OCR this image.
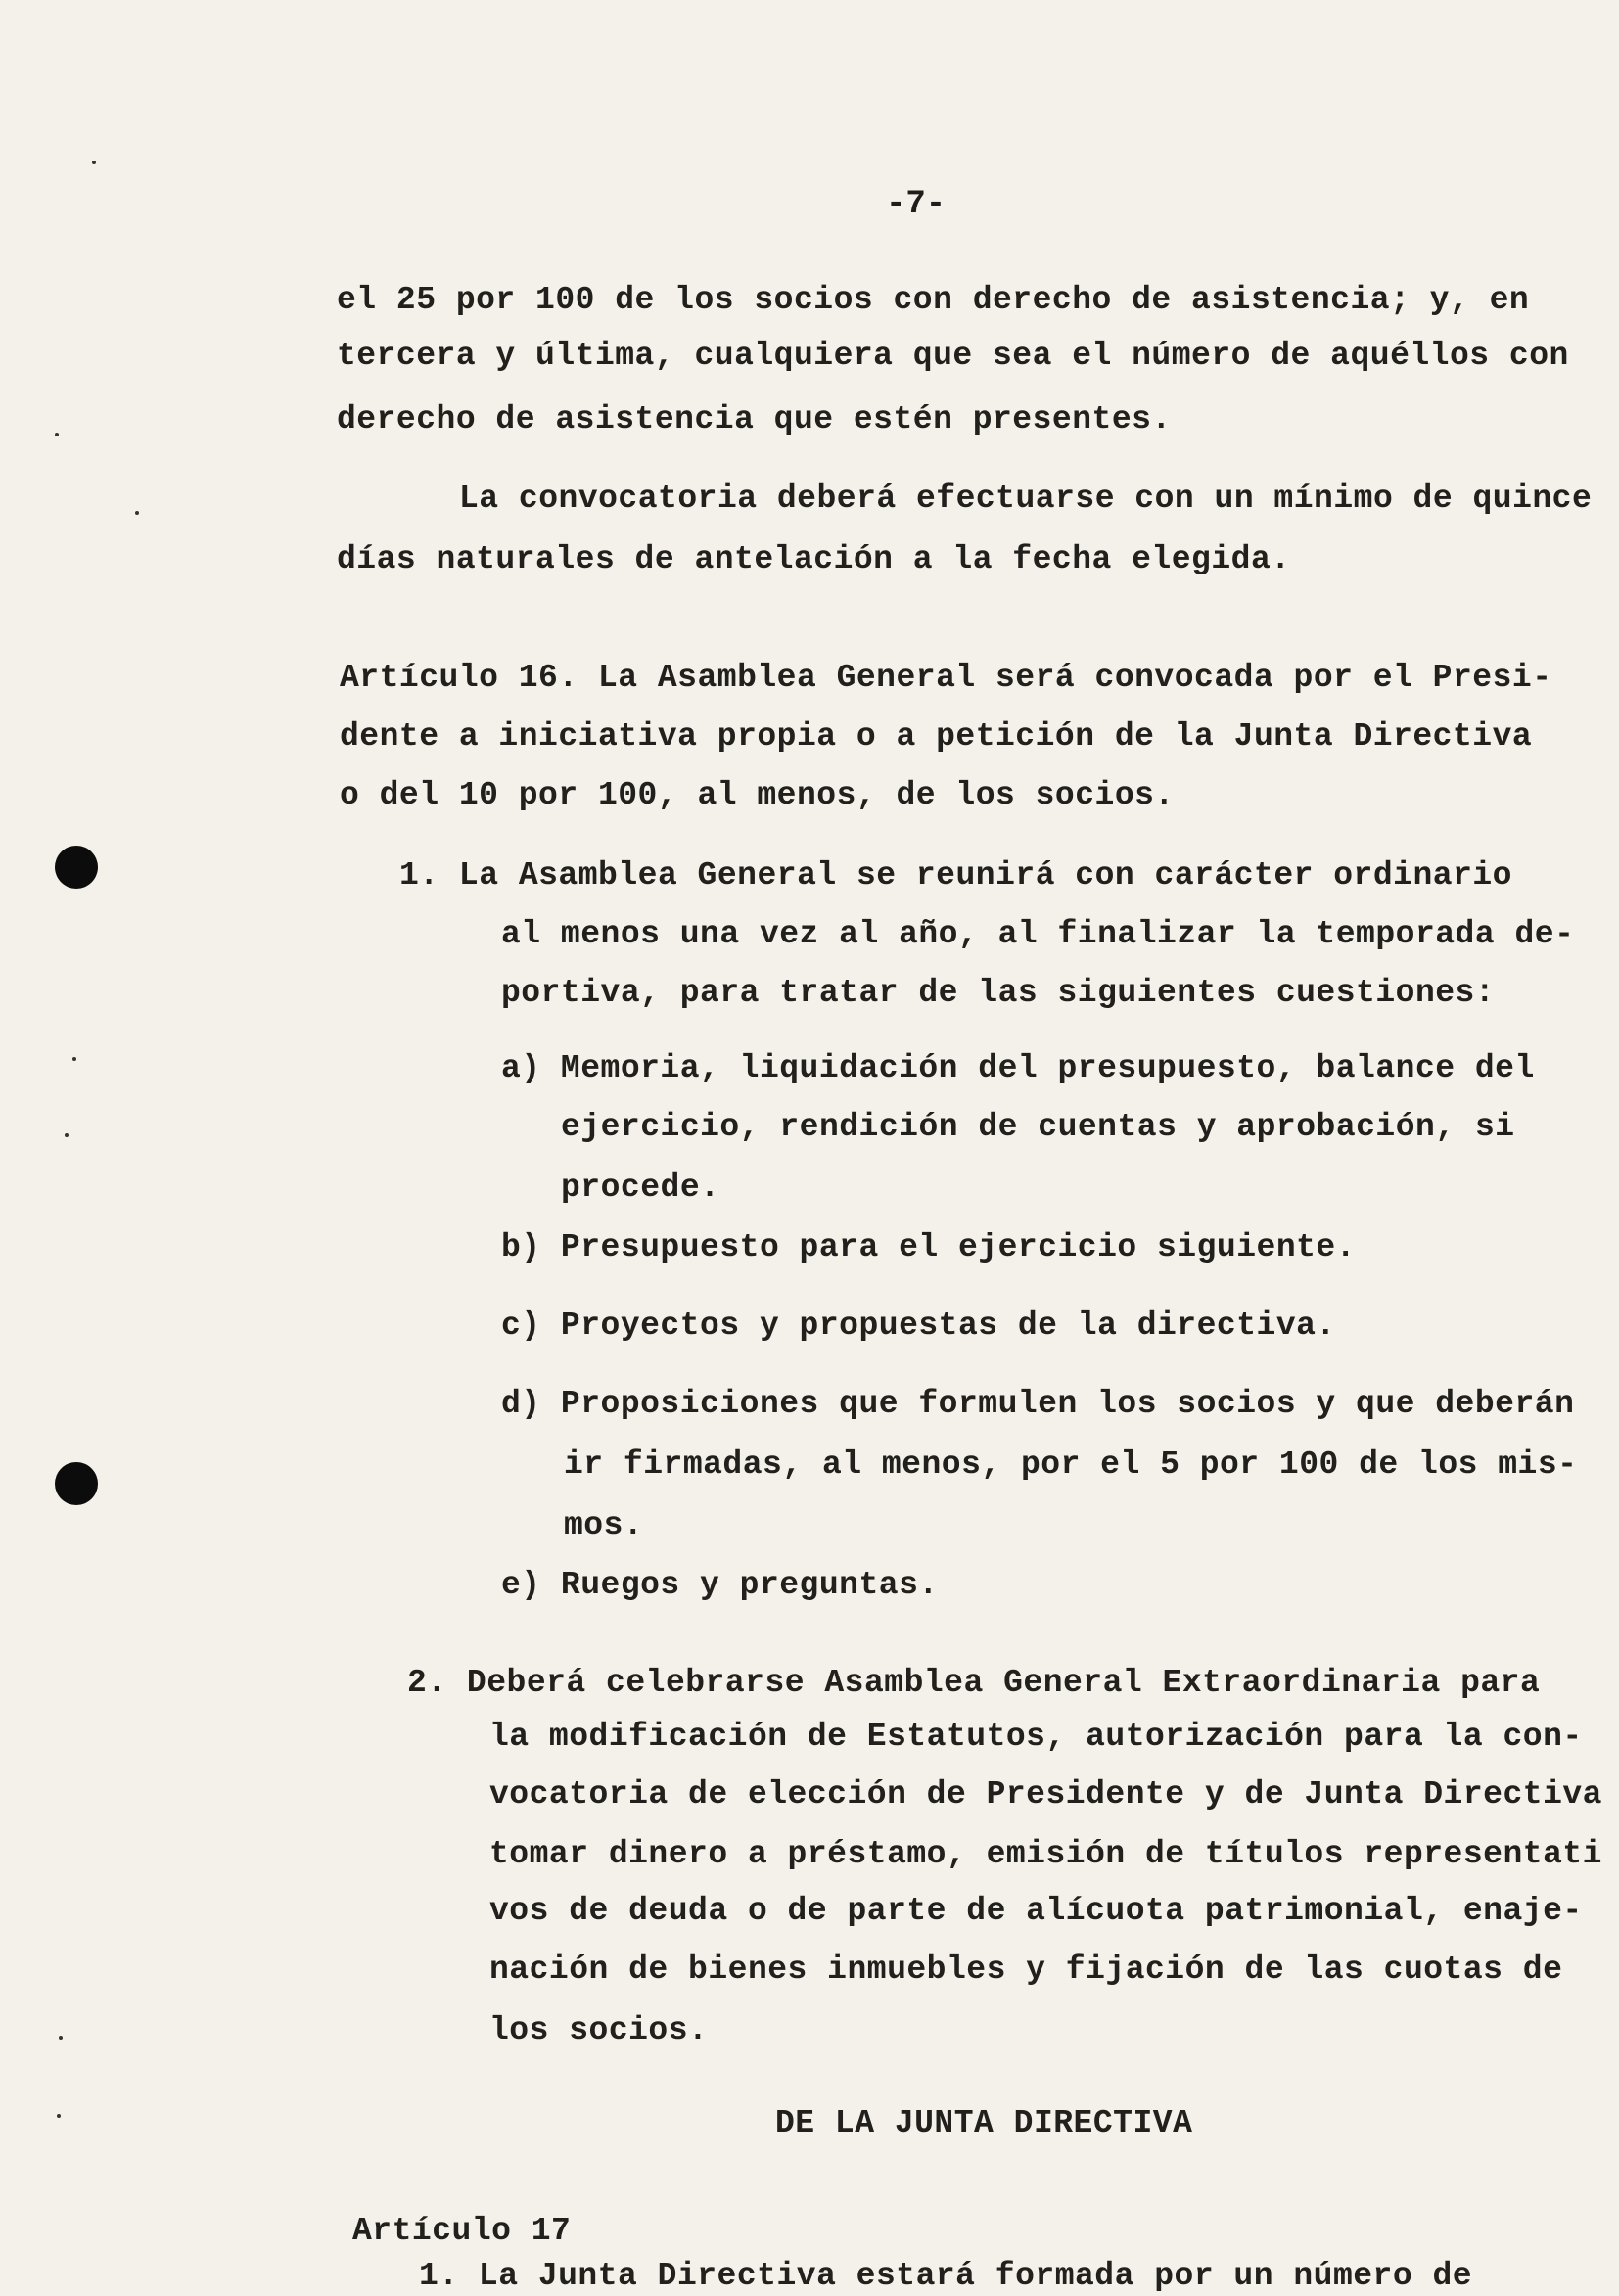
-7-
el 25 por 100 de los socios con derecho de asistencia; y, en
tercera y última, cualquiera que sea el número de aquéllos con
derecho de asistencia que estén presentes.
La convocatoria deberá efectuarse con un mínimo de quince
días naturales de antelación a la fecha elegida.
Artículo 16. La Asamblea General será convocada por el Presi-
dente a iniciativa propia o a petición de la Junta Directiva
o del 10 por 100, al menos, de los socios.
1. La Asamblea General se reunirá con carácter ordinario
al menos una vez al año, al finalizar la temporada de-
portiva, para tratar de las siguientes cuestiones:
a) Memoria, liquidación del presupuesto, balance del
ejercicio, rendición de cuentas y aprobación, si
procede.
b) Presupuesto para el ejercicio siguiente.
c) Proyectos y propuestas de la directiva.
d) Proposiciones que formulen los socios y que deberán
ir firmadas, al menos, por el 5 por 100 de los mis-
mos.
e) Ruegos y preguntas.
2. Deberá celebrarse Asamblea General Extraordinaria para
la modificación de Estatutos, autorización para la con-
vocatoria de elección de Presidente y de Junta Directiva
tomar dinero a préstamo, emisión de títulos representati
vos de deuda o de parte de alícuota patrimonial, enaje-
nación de bienes inmuebles y fijación de las cuotas de
los socios.
DE LA JUNTA DIRECTIVA
Artículo 17
1. La Junta Directiva estará formada por un número de
